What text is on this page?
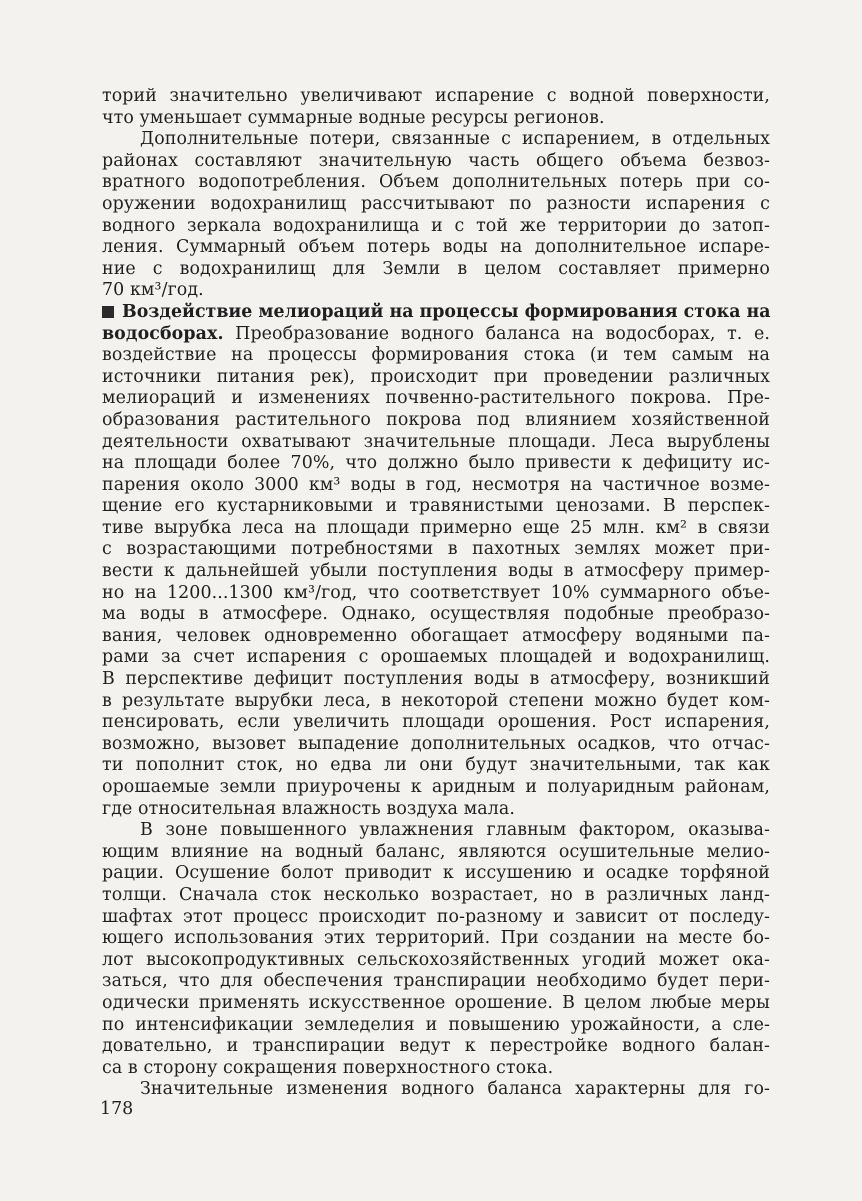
торий значительно увеличивают испарение с водной поверхности,
что уменьшает суммарные водные ресурсы регионов.
Дополнительные потери, связанные с испарением, в отдельных
районах составляют значительную часть общего объема безвоз-
вратного водопотребления. Объем дополнительных потерь при со-
оружении водохранилищ рассчитывают по разности испарения с
водного зеркала водохранилища и с той же территории до затоп-
ления. Суммарный объем потерь воды на дополнительное испаре-
ние с водохранилищ для Земли в целом составляет примерно
70 км³/год.
Воздействие мелиораций на процессы формирования стока на
водосборах. Преобразование водного баланса на водосборах, т. е.
воздействие на процессы формирования стока (и тем самым на
источники питания рек), происходит при проведении различных
мелиораций и изменениях почвенно-растительного покрова. Пре-
образования растительного покрова под влиянием хозяйственной
деятельности охватывают значительные площади. Леса вырублены
на площади более 70%, что должно было привести к дефициту ис-
парения около 3000 км³ воды в год, несмотря на частичное возме-
щение его кустарниковыми и травянистыми ценозами. В перспек-
тиве вырубка леса на площади примерно еще 25 млн. км² в связи
с возрастающими потребностями в пахотных землях может при-
вести к дальнейшей убыли поступления воды в атмосферу пример-
но на 1200...1300 км³/год, что соответствует 10% суммарного объе-
ма воды в атмосфере. Однако, осуществляя подобные преобразо-
вания, человек одновременно обогащает атмосферу водяными па-
рами за счет испарения с орошаемых площадей и водохранилищ.
В перспективе дефицит поступления воды в атмосферу, возникший
в результате вырубки леса, в некоторой степени можно будет ком-
пенсировать, если увеличить площади орошения. Рост испарения,
возможно, вызовет выпадение дополнительных осадков, что отчас-
ти пополнит сток, но едва ли они будут значительными, так как
орошаемые земли приурочены к аридным и полуаридным районам,
где относительная влажность воздуха мала.
В зоне повышенного увлажнения главным фактором, оказыва-
ющим влияние на водный баланс, являются осушительные мелио-
рации. Осушение болот приводит к иссушению и осадке торфяной
толщи. Сначала сток несколько возрастает, но в различных ланд-
шафтах этот процесс происходит по-разному и зависит от последу-
ющего использования этих территорий. При создании на месте бо-
лот высокопродуктивных сельскохозяйственных угодий может ока-
заться, что для обеспечения транспирации необходимо будет пери-
одически применять искусственное орошение. В целом любые меры
по интенсификации земледелия и повышению урожайности, а сле-
довательно, и транспирации ведут к перестройке водного балан-
са в сторону сокращения поверхностного стока.
Значительные изменения водного баланса характерны для го-
178
